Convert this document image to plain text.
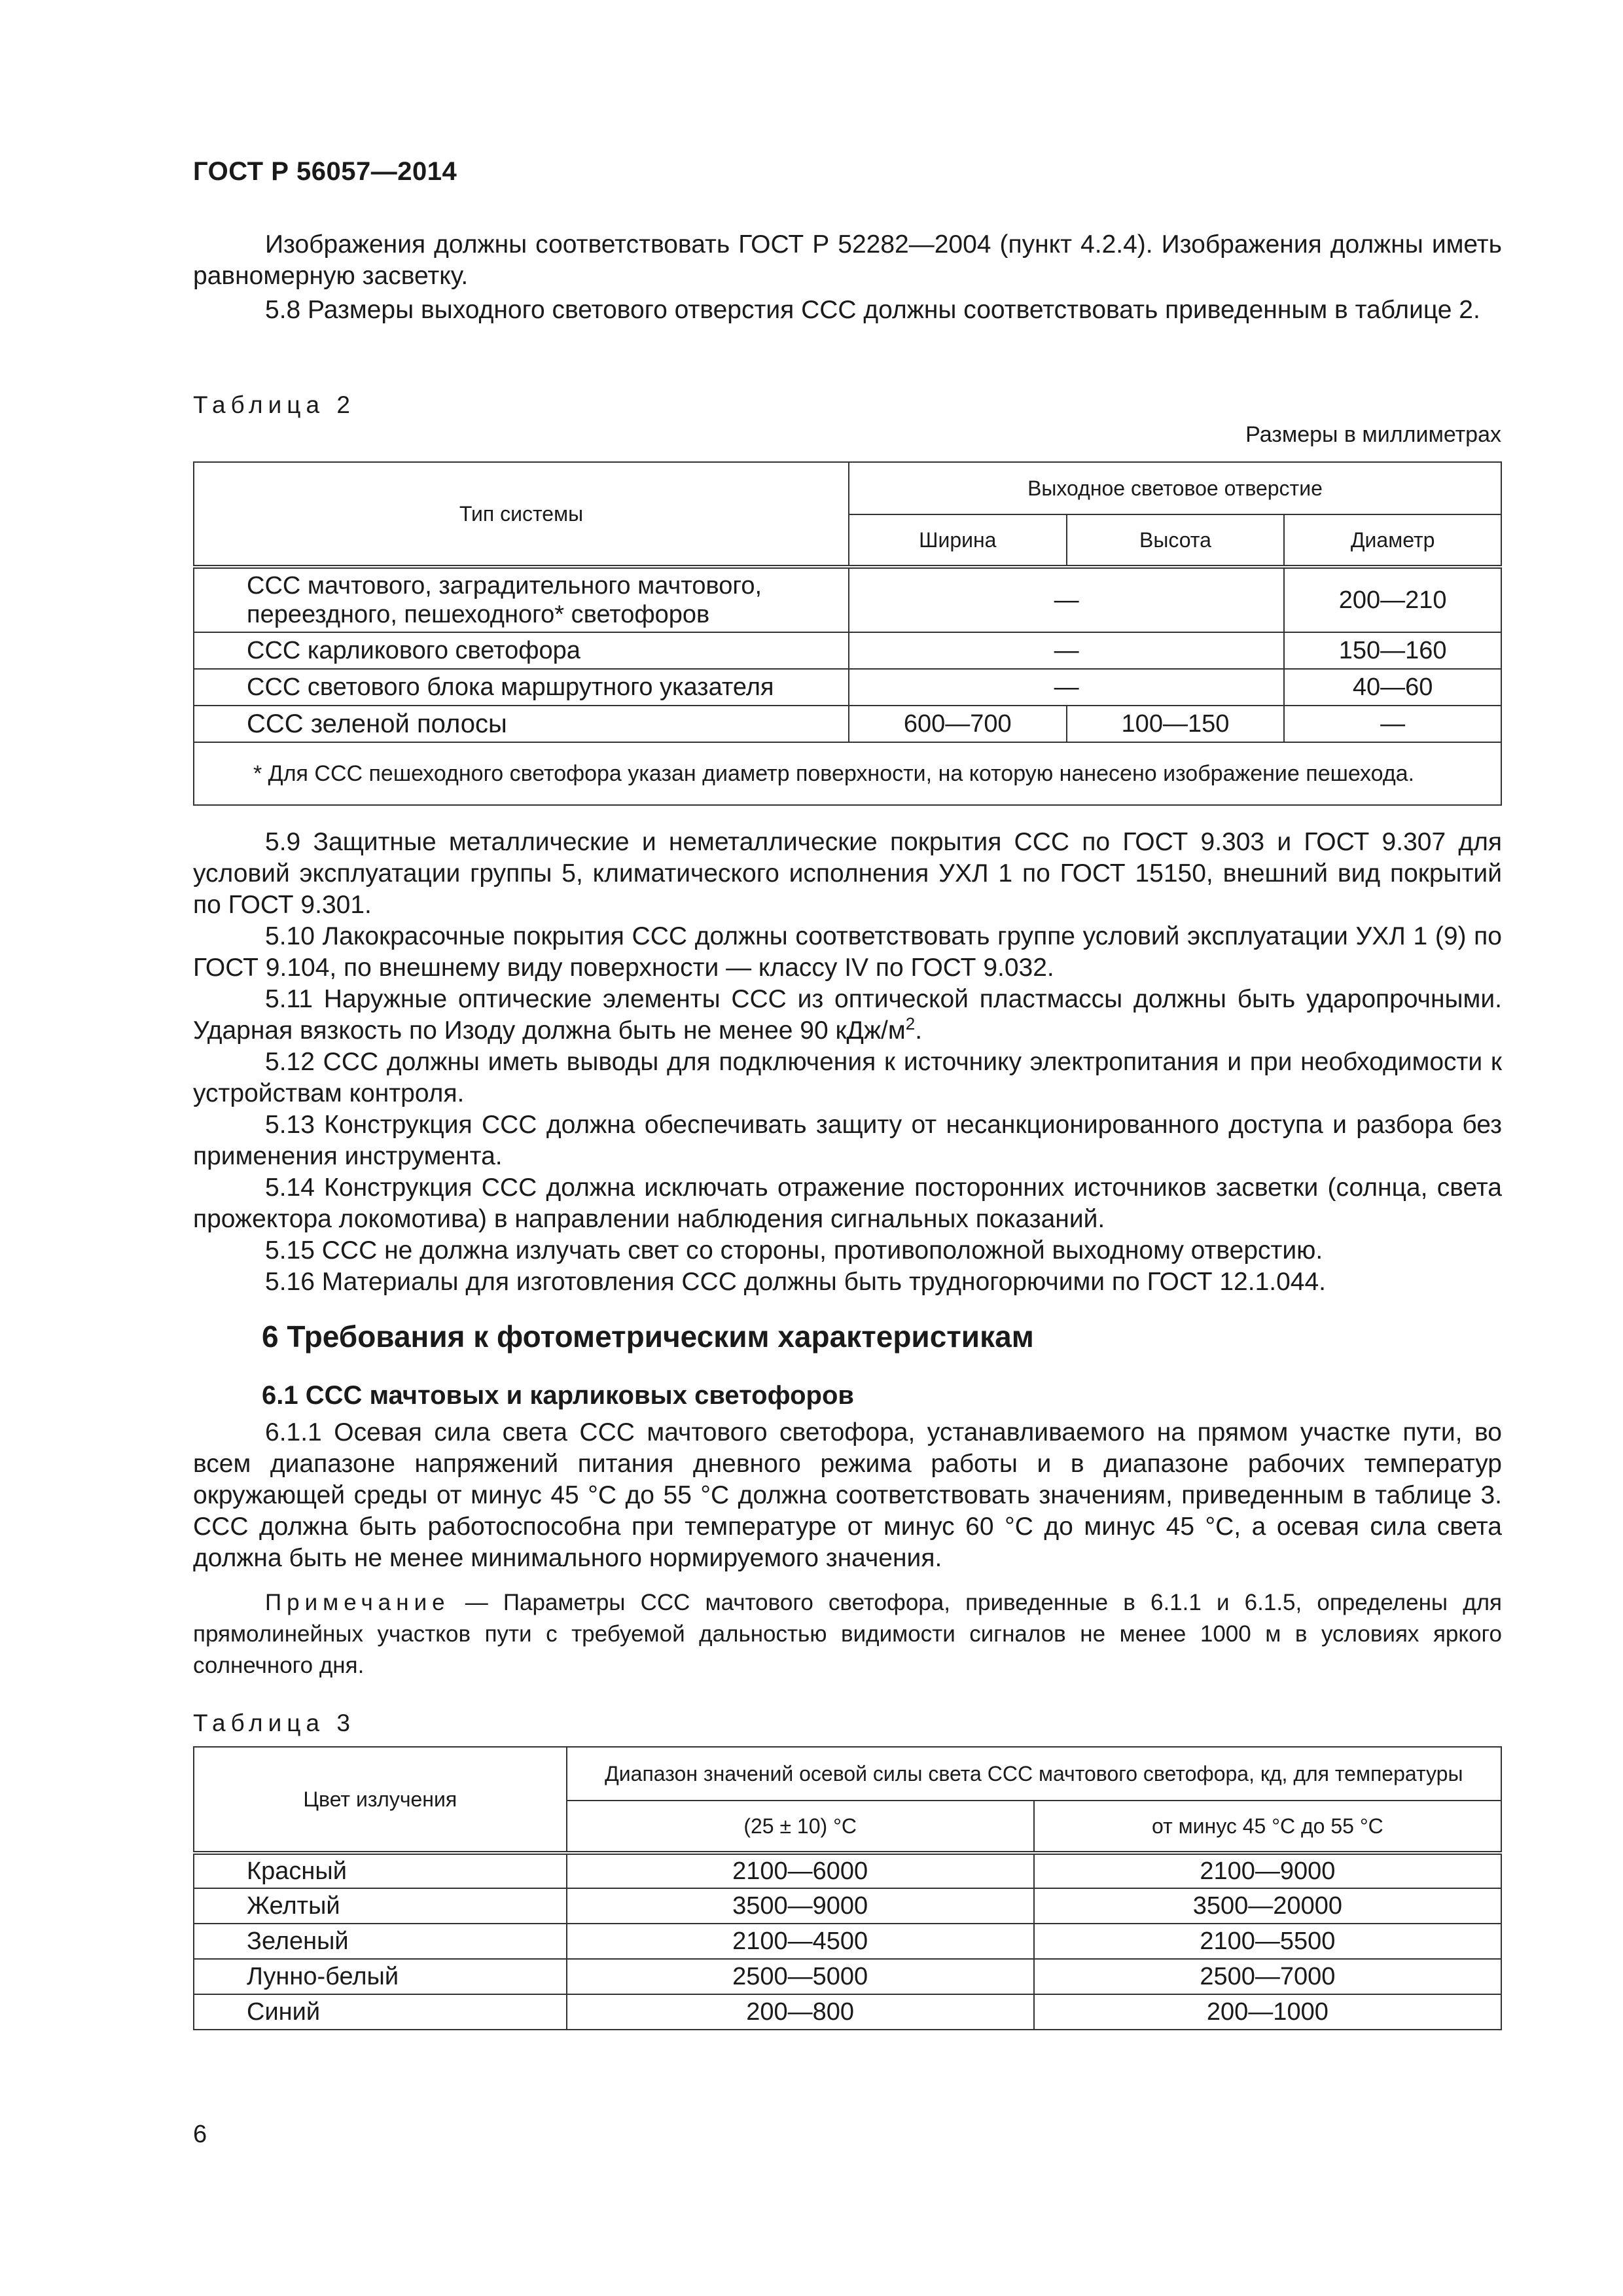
ГОСТ Р 56057—2014

Изображения должны соответствовать ГОСТ Р 52282—2004 (пункт 4.2.4). Изображения должны иметь равномерную засветку.

5.8 Размеры выходного светового отверстия ССС должны соответствовать приведенным в таблице 2.

Таблица 2
Размеры в миллиметрах
Тип системы	Выходное световое отверстие		
	Ширина	Высота	Диаметр
ССС мачтового, заградительного мачтового, переездного, пешеходного* светофоров	—		200—210
ССС карликового светофора	—		150—160
ССС светового блока маршрутного указателя	—		40—60
ССС зеленой полосы	600—700	100—150	—
* Для ССС пешеходного светофора указан диаметр поверхности, на которую нанесено изображение пешехода.			

5.9 Защитные металлические и неметаллические покрытия ССС по ГОСТ 9.303 и ГОСТ 9.307 для условий эксплуатации группы 5, климатического исполнения УХЛ 1 по ГОСТ 15150, внешний вид покрытий по ГОСТ 9.301.

5.10 Лакокрасочные покрытия ССС должны соответствовать группе условий эксплуатации УХЛ 1 (9) по ГОСТ 9.104, по внешнему виду поверхности — классу IV по ГОСТ 9.032.

5.11 Наружные оптические элементы ССС из оптической пластмассы должны быть ударопрочными. Ударная вязкость по Изоду должна быть не менее 90 кДж/$м^2$.

5.12 ССС должны иметь выводы для подключения к источнику электропитания и при необходимости к устройствам контроля.

5.13 Конструкция ССС должна обеспечивать защиту от несанкционированного доступа и разбора без применения инструмента.

5.14 Конструкция ССС должна исключать отражение посторонних источников засветки (солнца, света прожектора локомотива) в направлении наблюдения сигнальных показаний.

5.15 ССС не должна излучать свет со стороны, противоположной выходному отверстию.

5.16 Материалы для изготовления ССС должны быть трудногорючими по ГОСТ 12.1.044.

6 Требования к фотометрическим характеристикам
6.1 ССС мачтовых и карликовых светофоров

6.1.1 Осевая сила света ССС мачтового светофора, устанавливаемого на прямом участке пути, во всем диапазоне напряжений питания дневного режима работы и в диапазоне рабочих температур окружающей среды от минус 45 °С до 55 °С должна соответствовать значениям, приведенным в таблице 3. ССС должна быть работоспособна при температуре от минус 60 °С до минус 45 °С, а осевая сила света должна быть не менее минимального нормируемого значения.

Примечание — Параметры ССС мачтового светофора, приведенные в 6.1.1 и 6.1.5, определены для прямолинейных участков пути с требуемой дальностью видимости сигналов не менее 1000 м в условиях яркого солнечного дня.
Таблица 3
Цвет излучения	Диапазон значений осевой силы света ССС мачтового светофора, кд, для температуры	
	(25 ± 10) °С	от минус 45 °С до 55 °С
Красный	2100—6000	2100—9000
Желтый	3500—9000	3500—20000
Зеленый	2100—4500	2100—5500
Лунно-белый	2500—5000	2500—7000
Синий	200—800	200—1000
6
